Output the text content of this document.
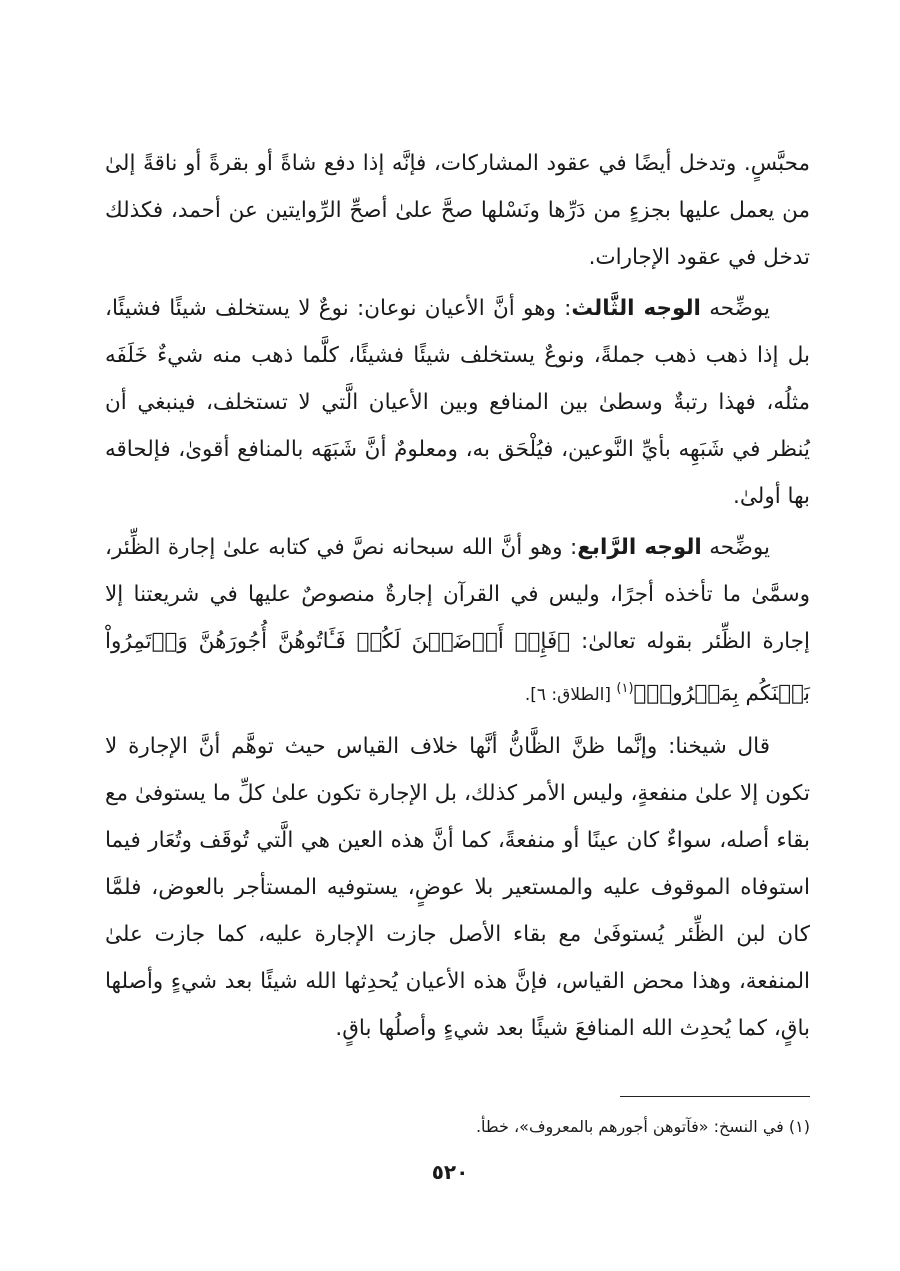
محبَّسٍ. وتدخل أيضًا في عقود المشاركات، فإنَّه إذا دفع شاةً أو بقرةً أو ناقةً إلىٰ من يعمل عليها بجزءٍ من دَرِّها ونَسْلها صحَّ علىٰ أصحِّ الرِّوايتين عن أحمد، فكذلك تدخل في عقود الإجارات.

يوضِّحه الوجه الثَّالث: وهو أنَّ الأعيان نوعان: نوعٌ لا يستخلف شيئًا فشيئًا، بل إذا ذهب ذهب جملةً، ونوعٌ يستخلف شيئًا فشيئًا، كلَّما ذهب منه شيءٌ خَلَفَه مثلُه، فهذا رتبةٌ وسطىٰ بين المنافع وبين الأعيان الَّتي لا تستخلف، فينبغي أن يُنظر في شَبَهِه بأيِّ النَّوعين، فيُلْحَق به، ومعلومٌ أنَّ شَبَهَه بالمنافع أقوىٰ، فإلحاقه بها أولىٰ.

يوضِّحه الوجه الرَّابع: وهو أنَّ الله سبحانه نصَّ في كتابه علىٰ إجارة الظِّئر، وسمَّىٰ ما تأخذه أجرًا، وليس في القرآن إجارةٌ منصوصٌ عليها في شريعتنا إلا إجارة الظِّئر بقوله تعالىٰ: ﴿فَإِنۡ أَرۡضَعۡنَ لَكُمۡ فَـَٔاتُوهُنَّ أُجُورَهُنَّ وَأۡتَمِرُواْ بَيۡنَكُم بِمَعۡرُوفٖ﴾$^{(١)}$ [الطلاق: ٦].

قال شيخنا: وإنَّما ظنَّ الظَّانُّ أنَّها خلاف القياس حيث توهَّم أنَّ الإجارة لا تكون إلا علىٰ منفعةٍ، وليس الأمر كذلك، بل الإجارة تكون علىٰ كلِّ ما يستوفىٰ مع بقاء أصله، سواءٌ كان عينًا أو منفعةً، كما أنَّ هذه العين هي الَّتي تُوقَف وتُعَار فيما استوفاه الموقوف عليه والمستعير بلا عوضٍ، يستوفيه المستأجر بالعوض، فلمَّا كان لبن الظِّئر يُستوفَىٰ مع بقاء الأصل جازت الإجارة عليه، كما جازت علىٰ المنفعة، وهذا محض القياس، فإنَّ هذه الأعيان يُحدِثها الله شيئًا بعد شيءٍ وأصلها باقٍ، كما يُحدِث الله المنافعَ شيئًا بعد شيءٍ وأصلُها باقٍ.

(١) في النسخ: «فآتوهن أجورهم بالمعروف»، خطأ.
٥٢٠
